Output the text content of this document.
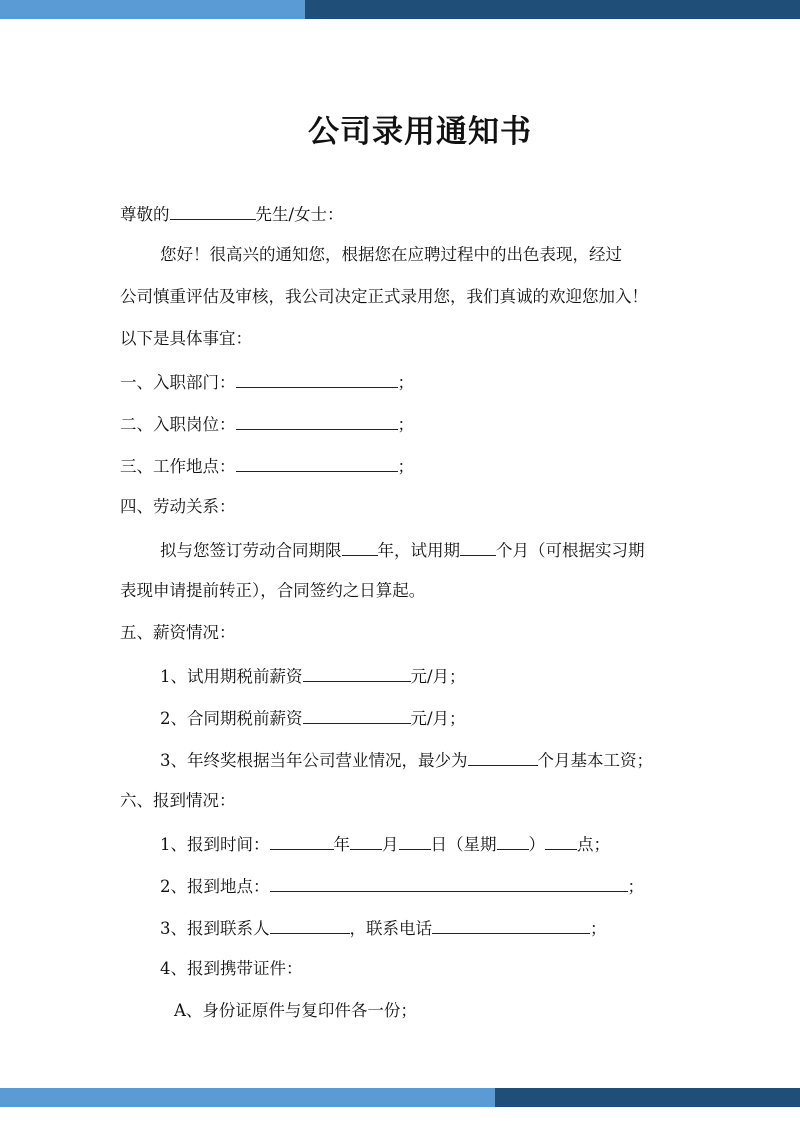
公司录用通知书
尊敬的	先生/女士：
您好！很高兴的通知您，根据您在应聘过程中的出色表现，经过
公司慎重评估及审核，我公司决定正式录用您，我们真诚的欢迎您加入！
以下是具体事宜：
一、入职部门：	；
二、入职岗位：	；
三、工作地点：	；
四、劳动关系：
拟与您签订劳动合同期限 年，试用期 个月（可根据实习期
表现申请提前转正），合同签约之日算起。
五、薪资情况：
1、试用期税前薪资	元/月；
2、合同期税前薪资	元/月；
3、年终奖根据当年公司营业情况，最少为	个月基本工资；
六、报到情况：
1、报到时间：	年 月 日（星期 ） 点；
2、报到地点：	；
3、报到联系人	，联系电话	；
4、报到携带证件：
A、身份证原件与复印件各一份；
